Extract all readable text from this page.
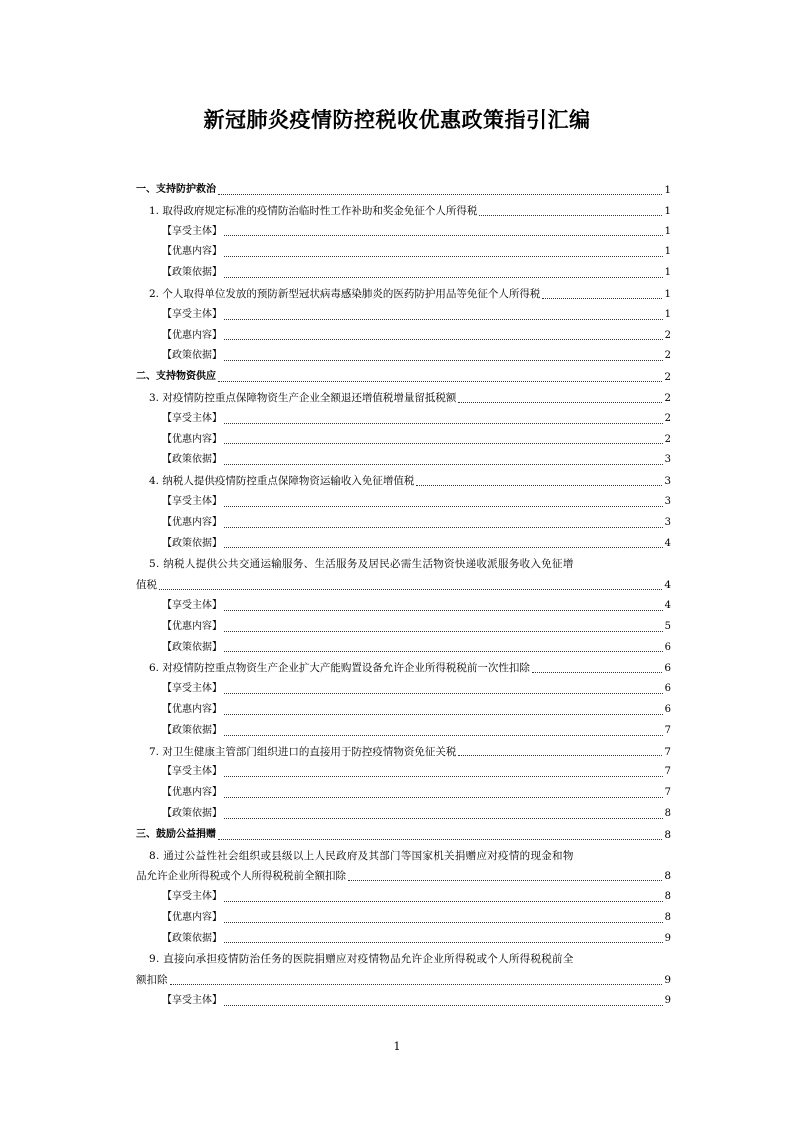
新冠肺炎疫情防控税收优惠政策指引汇编
一、支持防护救治	1
1. 取得政府规定标准的疫情防治临时性工作补助和奖金免征个人所得税	1
【享受主体】	1
【优惠内容】	1
【政策依据】	1
2. 个人取得单位发放的预防新型冠状病毒感染肺炎的医药防护用品等免征个人所得税	1
【享受主体】	1
【优惠内容】	2
【政策依据】	2
二、支持物资供应	2
3. 对疫情防控重点保障物资生产企业全额退还增值税增量留抵税额	2
【享受主体】	2
【优惠内容】	2
【政策依据】	3
4. 纳税人提供疫情防控重点保障物资运输收入免征增值税	3
【享受主体】	3
【优惠内容】	3
【政策依据】	4
5. 纳税人提供公共交通运输服务、生活服务及居民必需生活物资快递收派服务收入免征增
值税	4
【享受主体】	4
【优惠内容】	5
【政策依据】	6
6. 对疫情防控重点物资生产企业扩大产能购置设备允许企业所得税税前一次性扣除	6
【享受主体】	6
【优惠内容】	6
【政策依据】	7
7. 对卫生健康主管部门组织进口的直接用于防控疫情物资免征关税	7
【享受主体】	7
【优惠内容】	7
【政策依据】	8
三、鼓励公益捐赠	8
8. 通过公益性社会组织或县级以上人民政府及其部门等国家机关捐赠应对疫情的现金和物
品允许企业所得税或个人所得税税前全额扣除	8
【享受主体】	8
【优惠内容】	8
【政策依据】	9
9. 直接向承担疫情防治任务的医院捐赠应对疫情物品允许企业所得税或个人所得税税前全
额扣除	9
【享受主体】	9
1
